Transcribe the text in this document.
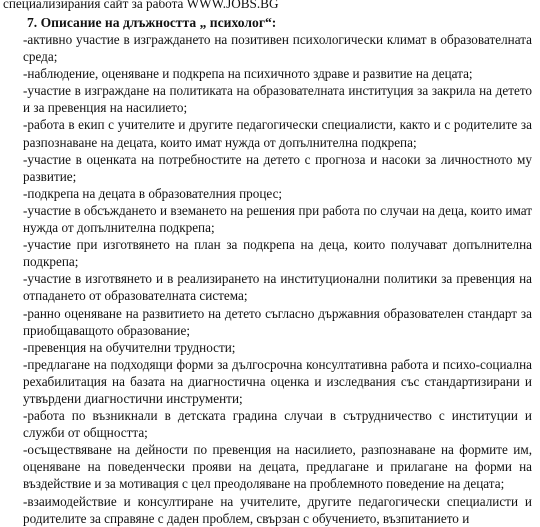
специализирания сайт за работа WWW.JOBS.BG
7. Описание на длъжността „ психолог“:

-активно участие в изграждането на позитивен психологически климат в образователната среда;

-наблюдение, оценяване и подкрепа на психичното здраве и развитие на децата;

-участие в изграждане на политиката на образователната институция за закрила на детето и за превенция на насилието;

-работа в екип с учителите и другите педагогически специалисти, както и с родителите за разпознаване на децата, които имат нужда от допълнителна подкрепа;

-участие в оценката на потребностите на детето с прогноза и насоки за личностното му развитие;

-подкрепа на децата в образователния процес;

-участие в обсъждането и вземането на решения при работа по случаи на деца, които имат нужда от допълнителна подкрепа;

-участие при изготвянето на план за подкрепа на деца, които получават допълнителна подкрепа;

-участие в изготвянето и в реализирането на институционални политики за превенция на отпадането от образователната система;

-ранно оценяване на развитието на детето съгласно държавния образователен стандарт за приобщаващото образование;

-превенция на обучителни трудности;

-предлагане на подходящи форми за дългосрочна консултативна работа и психо-социална рехабилитация на базата на диагностична оценка и изследвания със стандартизирани и утвърдени диагностични инструменти;

-работа по възникнали в детската градина случаи в сътрудничество с институции и служби от общността;

-осъществяване на дейности по превенция на насилието, разпознаване на формите им, оценяване на поведенчески прояви на децата, предлагане и прилагане на форми на въздействие и за мотивация с цел преодоляване на проблемното поведение на децата;

-взаимодействие и консултиране на учителите, другите педагогически специалисти и родителите за справяне с даден проблем, свързан с обучението, възпитанието и
